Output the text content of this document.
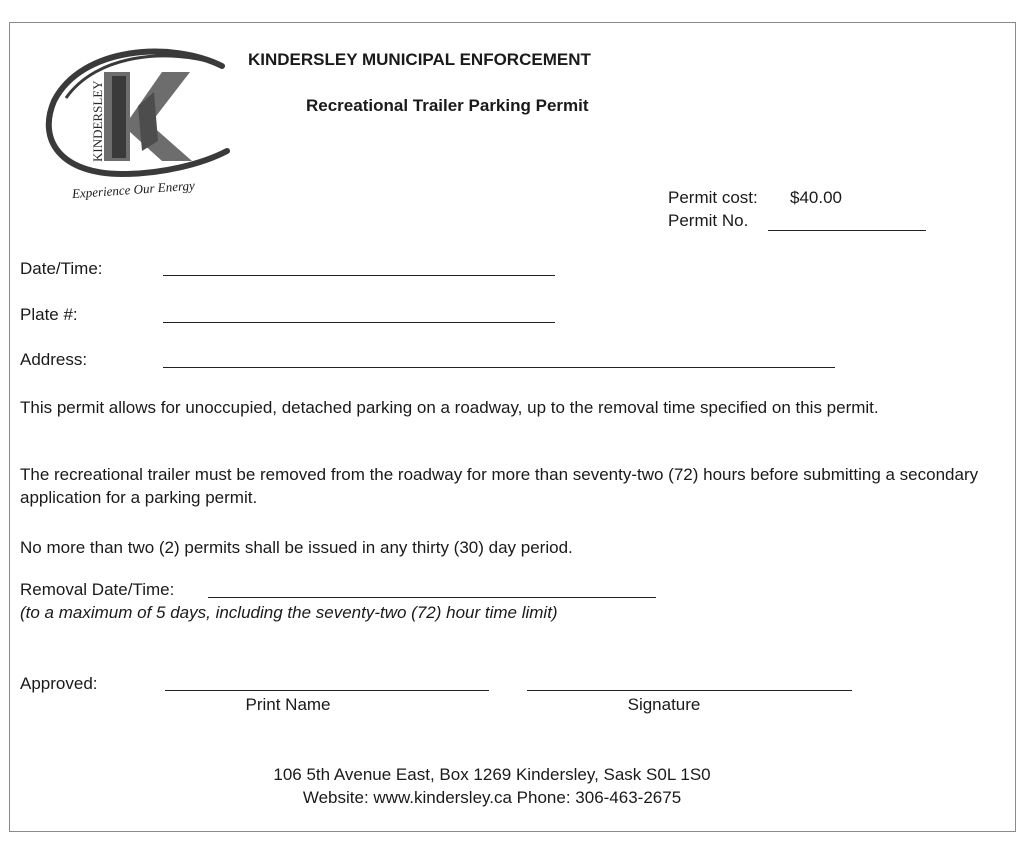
KINDERSLEY
Experience Our Energy
KINDERSLEY MUNICIPAL ENFORCEMENT
Recreational Trailer Parking Permit
Permit cost: $40.00
Permit No.
Date/Time:
Plate #:
Address:
This permit allows for unoccupied, detached parking on a roadway, up to the removal time specified on this permit.
The recreational trailer must be removed from the roadway for more than seventy-two (72) hours before submitting a secondary application for a parking permit.
No more than two (2) permits shall be issued in any thirty (30) day period.
Removal Date/Time:
(to a maximum of 5 days, including the seventy-two (72) hour time limit)
Approved:
Print Name	Signature
106 5th Avenue East, Box 1269 Kindersley, Sask S0L 1S0
Website: www.kindersley.ca Phone: 306-463-2675
